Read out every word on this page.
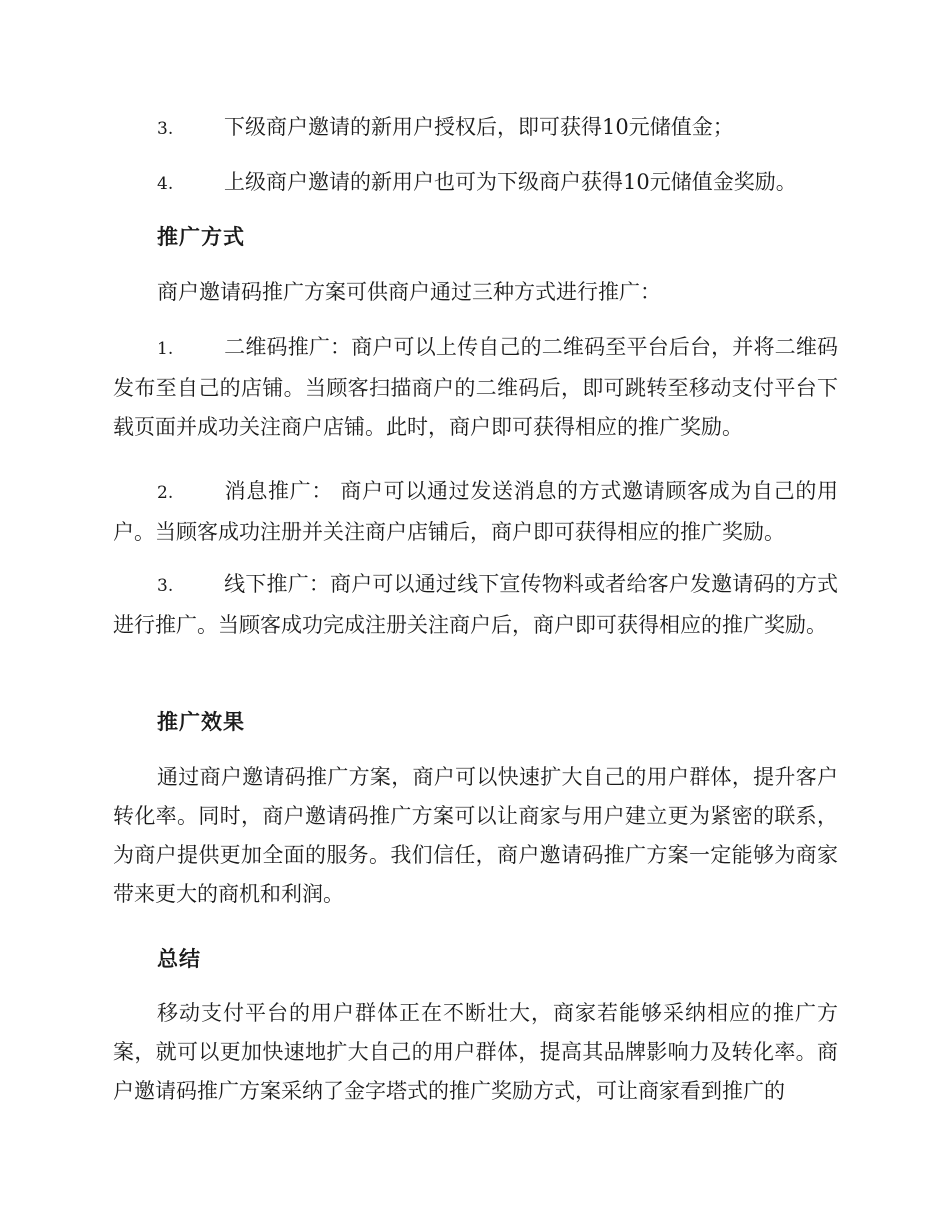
3. 下级商户邀请的新用户授权后，即可获得10元储值金；
4. 上级商户邀请的新用户也可为下级商户获得10元储值金奖励。
推广方式
商户邀请码推广方案可供商户通过三种方式进行推广：
1. 二维码推广：商户可以上传自己的二维码至平台后台，并将二维码发布至自己的店铺。当顾客扫描商户的二维码后，即可跳转至移动支付平台下载页面并成功关注商户店铺。此时，商户即可获得相应的推广奖励。
2. 消息推广： 商户可以通过发送消息的方式邀请顾客成为自己的用户。当顾客成功注册并关注商户店铺后，商户即可获得相应的推广奖励。
3. 线下推广：商户可以通过线下宣传物料或者给客户发邀请码的方式进行推广。当顾客成功完成注册关注商户后，商户即可获得相应的推广奖励。
推广效果
通过商户邀请码推广方案，商户可以快速扩大自己的用户群体，提升客户转化率。同时，商户邀请码推广方案可以让商家与用户建立更为紧密的联系，为商户提供更加全面的服务。我们信任，商户邀请码推广方案一定能够为商家带来更大的商机和利润。
总结
移动支付平台的用户群体正在不断壮大，商家若能够采纳相应的推广方案，就可以更加快速地扩大自己的用户群体，提高其品牌影响力及转化率。商户邀请码推广方案采纳了金字塔式的推广奖励方式，可让商家看到推广的
